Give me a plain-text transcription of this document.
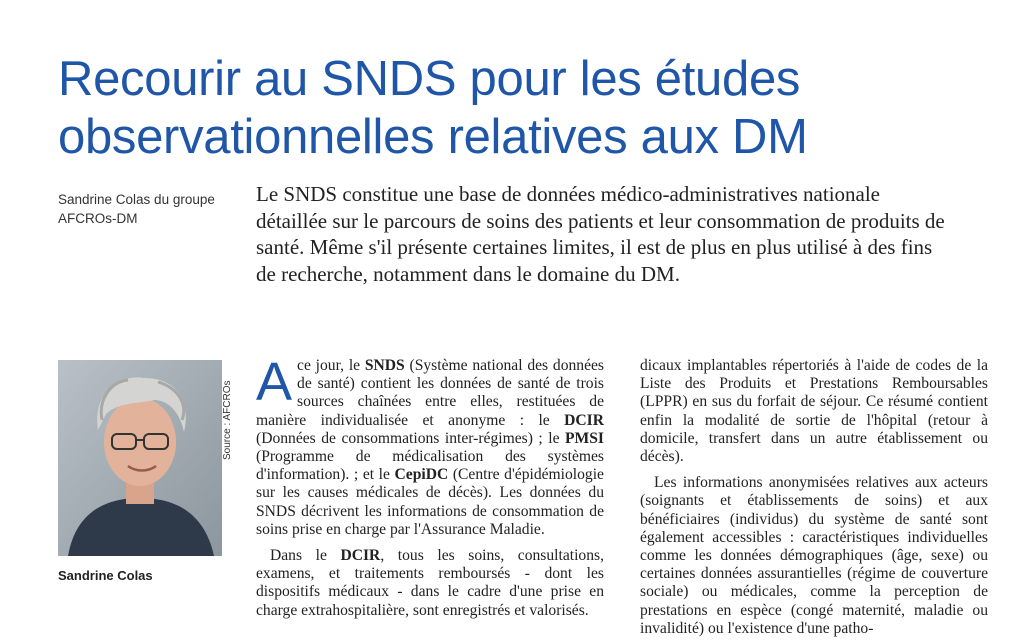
Recourir au SNDS pour les études observationnelles relatives aux DM
Sandrine Colas du groupe AFCROs-DM
Le SNDS constitue une base de données médico-administratives nationale détaillée sur le parcours de soins des patients et leur consommation de produits de santé. Même s'il présente certaines limites, il est de plus en plus utilisé à des fins de recherche, notamment dans le domaine du DM.
Source : AFCROs
Sandrine Colas

Ace jour, le SNDS (Système national des données de santé) contient les données de santé de trois sources chaînées entre elles, restituées de manière individualisée et anonyme : le DCIR (Données de consommations inter-régimes) ; le PMSI (Programme de médicalisation des systèmes d'information). ; et le CepiDC (Centre d'épidémiologie sur les causes médicales de décès). Les données du SNDS décrivent les informations de consommation de soins prise en charge par l'Assurance Maladie.

Dans le DCIR, tous les soins, consultations, examens, et traitements remboursés - dont les dispositifs médicaux - dans le cadre d'une prise en charge extrahospitalière, sont enregistrés et valorisés.

dicaux implantables répertoriés à l'aide de codes de la Liste des Produits et Prestations Remboursables (LPPR) en sus du forfait de séjour. Ce résumé contient enfin la modalité de sortie de l'hôpital (retour à domicile, transfert dans un autre établissement ou décès).

Les informations anonymisées relatives aux acteurs (soignants et établissements de soins) et aux bénéficiaires (individus) du système de santé sont également accessibles : caractéristiques individuelles comme les données démographiques (âge, sexe) ou certaines données assurantielles (régime de couverture sociale) ou médicales, comme la perception de prestations en espèce (congé maternité, maladie ou invalidité) ou l'existence d'une patho-
